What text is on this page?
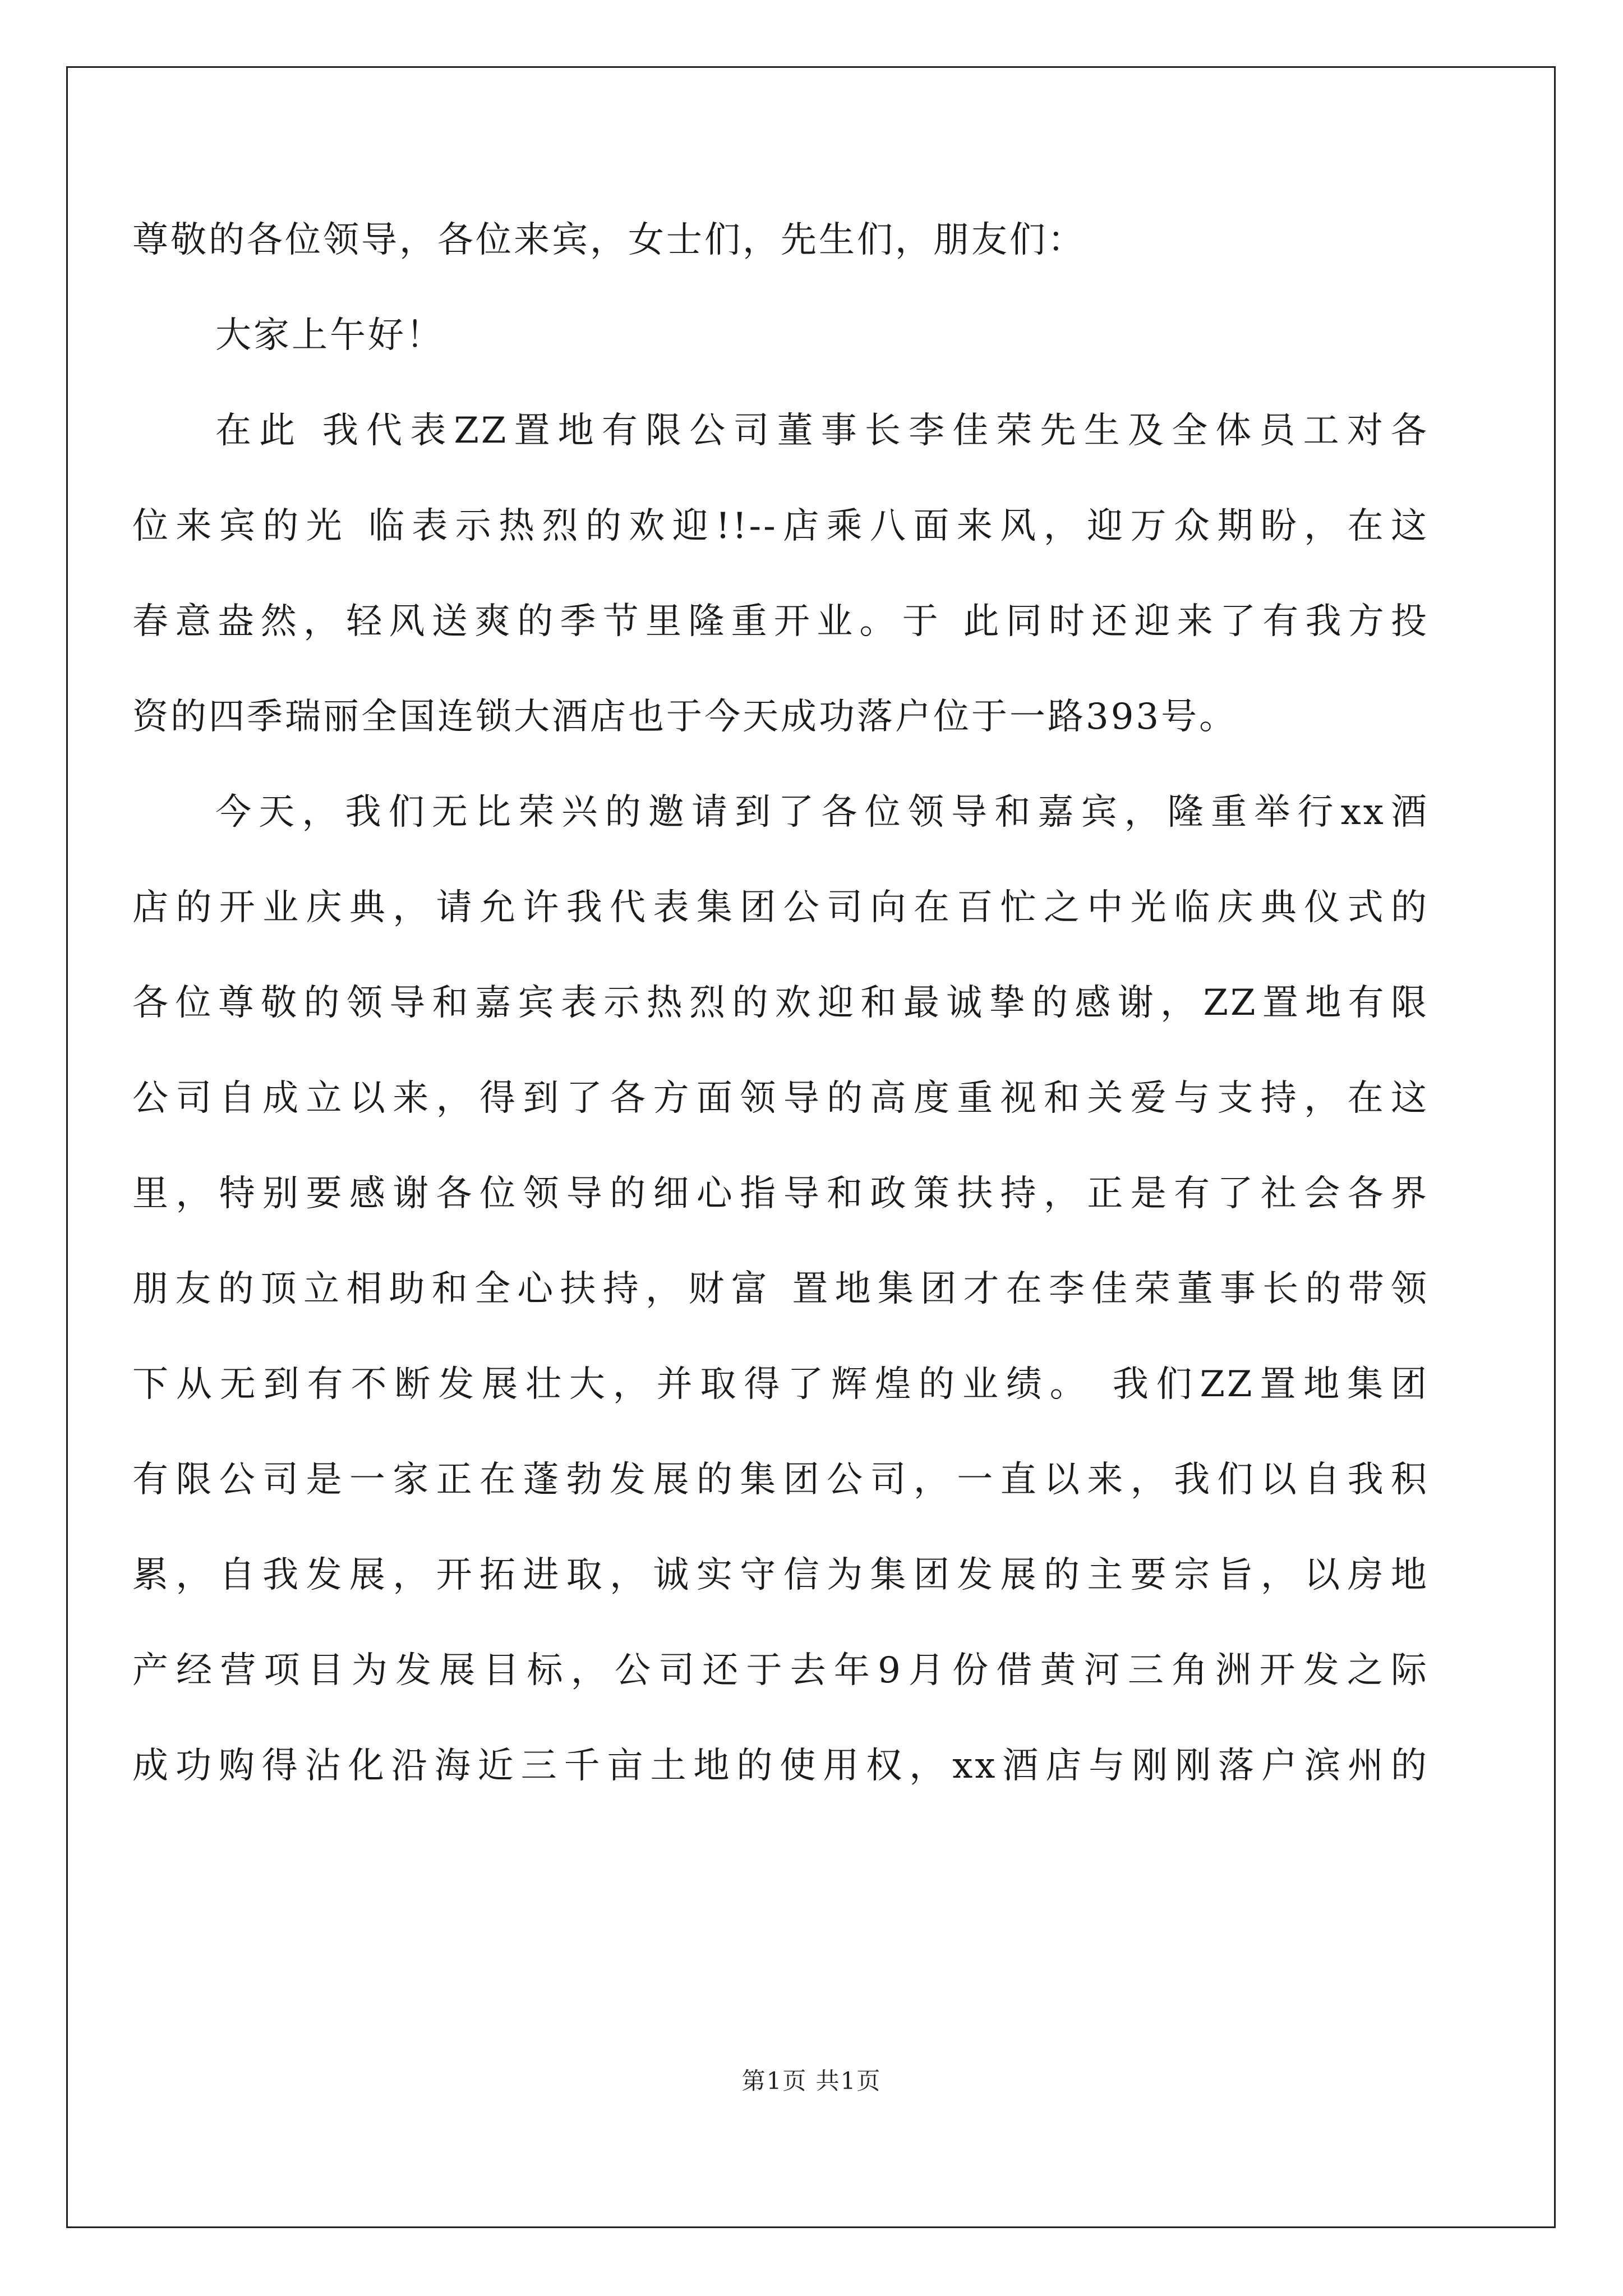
尊敬的各位领导，各位来宾，女士们，先生们，朋友们：
大家上午好！
在此 我代表ZZ置地有限公司董事长李佳荣先生及全体员工对各
位来宾的光 临表示热烈的欢迎!!--店乘八面来风，迎万众期盼，在这
春意盎然，轻风送爽的季节里隆重开业。于 此同时还迎来了有我方投
资的四季瑞丽全国连锁大酒店也于今天成功落户位于一路393号。
今天，我们无比荣兴的邀请到了各位领导和嘉宾，隆重举行xx酒
店的开业庆典，请允许我代表集团公司向在百忙之中光临庆典仪式的
各位尊敬的领导和嘉宾表示热烈的欢迎和最诚挚的感谢，ZZ置地有限
公司自成立以来，得到了各方面领导的高度重视和关爱与支持，在这
里，特别要感谢各位领导的细心指导和政策扶持，正是有了社会各界
朋友的顶立相助和全心扶持，财富 置地集团才在李佳荣董事长的带领
下从无到有不断发展壮大，并取得了辉煌的业绩。 我们ZZ置地集团
有限公司是一家正在蓬勃发展的集团公司，一直以来，我们以自我积
累，自我发展，开拓进取，诚实守信为集团发展的主要宗旨，以房地
产经营项目为发展目标，公司还于去年9月份借黄河三角洲开发之际
成功购得沾化沿海近三千亩土地的使用权，xx酒店与刚刚落户滨州的
第1页 共1页
